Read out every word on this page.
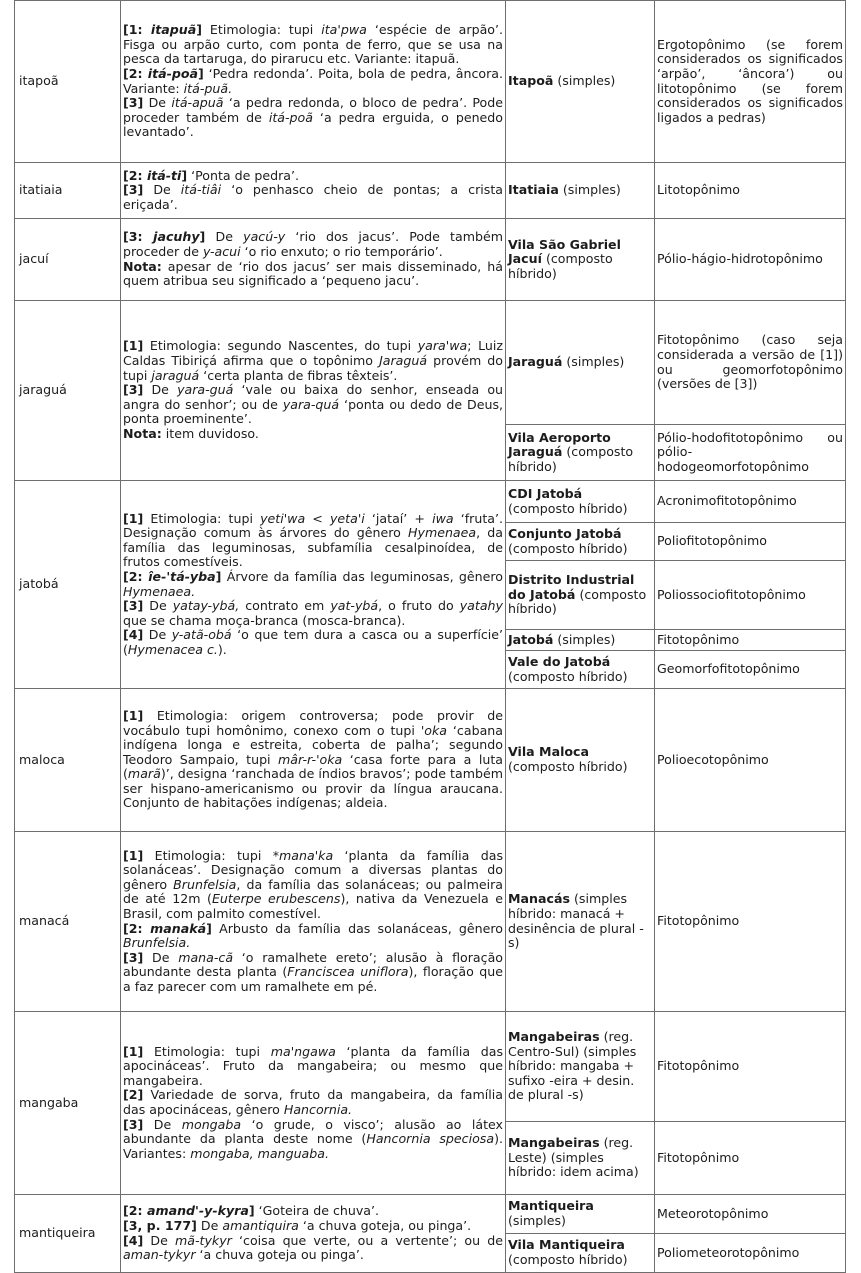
itapoã	[1: itapuã] Etimologia: tupi ita'pwa ‘espécie de arpão’. Fisga ou arpão curto, com ponta de ferro, que se usa na pesca da tartaruga, do pirarucu etc. Variante: itapuã.
[2: itá-poã] ‘Pedra redonda’. Poita, bola de pedra, âncora. Variante: itá-puã.
[3] De itá-apuã ‘a pedra redonda, o bloco de pedra’. Pode proceder também de itá-poã ‘a pedra erguida, o penedo levantado’.	Itapoã (simples)	Ergotopônimo (se forem considerados os significados ‘arpão’, ‘âncora’) ou litotopônimo (se forem considerados os significados ligados a pedras)
itatiaia	[2: itá-ti] ‘Ponta de pedra’.
[3] De itá-tiâi ‘o penhasco cheio de pontas; a crista eriçada’.	Itatiaia (simples)	Litotopônimo
jacuí	[3: jacuhy] De yacú-y ‘rio dos jacus’. Pode também proceder de y-acui ‘o rio enxuto; o rio temporário’.
Nota: apesar de ‘rio dos jacus’ ser mais disseminado, há quem atribua seu significado a ‘pequeno jacu’.	Vila São Gabriel Jacuí (composto híbrido)	Pólio-hágio-hidrotopônimo
jaraguá	[1] Etimologia: segundo Nascentes, do tupi yara'wa; Luiz Caldas Tibiriçá afirma que o topônimo Jaraguá provém do tupi jaraguá ‘certa planta de fibras têxteis’.
[3] De yara-guá ‘vale ou baixa do senhor, enseada ou angra do senhor’; ou de yara-quá ‘ponta ou dedo de Deus, ponta proeminente’.
Nota: item duvidoso.	Jaraguá (simples)	Fitotopônimo (caso seja considerada a versão de [1]) ou geomorfotopônimo (versões de [3])
		Vila Aeroporto Jaraguá (composto híbrido)	Pólio-hodofitotopônimo ou pólio-hodogeomorfotopônimo
jatobá	[1] Etimologia: tupi yeti'wa < yeta'i ‘jataí’ + iwa ‘fruta’. Designação comum às árvores do gênero Hymenaea, da família das leguminosas, subfamília cesalpinoídea, de frutos comestíveis.
[2: îe-'tá-yba] Árvore da família das leguminosas, gênero Hymenaea.
[3] De yatay-ybá, contrato em yat-ybá, o fruto do yatahy que se chama moça-branca (mosca-branca).
[4] De y-atã-obá ‘o que tem dura a casca ou a superfície’ (Hymenacea c.).	CDI Jatobá (composto híbrido)	Acronimofitotopônimo
		Conjunto Jatobá (composto híbrido)	Poliofitotopônimo
		Distrito Industrial do Jatobá (composto híbrido)	Poliossociofitotopônimo
		Jatobá (simples)	Fitotopônimo
		Vale do Jatobá (composto híbrido)	Geomorfofitotopônimo
maloca	[1] Etimologia: origem controversa; pode provir de vocábulo tupi homônimo, conexo com o tupi 'oka ‘cabana indígena longa e estreita, coberta de palha’; segundo Teodoro Sampaio, tupi mâr-r-'oka ‘casa forte para a luta (marã)’, designa ‘ranchada de índios bravos’; pode também ser hispano-americanismo ou provir da língua araucana. Conjunto de habitações indígenas; aldeia.	Vila Maloca (composto híbrido)	Polioecotopônimo
manacá	[1] Etimologia: tupi *mana'ka ‘planta da família das solanáceas’. Designação comum a diversas plantas do gênero Brunfelsia, da família das solanáceas; ou palmeira de até 12m (Euterpe erubescens), nativa da Venezuela e Brasil, com palmito comestível.
[2: manaká] Arbusto da família das solanáceas, gênero Brunfelsia.
[3] De mana-cã ‘o ramalhete ereto’; alusão à floração abundante desta planta (Franciscea uniflora), floração que a faz parecer com um ramalhete em pé.	Manacás (simples híbrido: manacá + desinência de plural -s)	Fitotopônimo
mangaba	[1] Etimologia: tupi ma'ngawa ‘planta da família das apocináceas’. Fruto da mangabeira; ou mesmo que mangabeira.
[2] Variedade de sorva, fruto da mangabeira, da família das apocináceas, gênero Hancornia.
[3] De mongaba ‘o grude, o visco’; alusão ao látex abundante da planta deste nome (Hancornia speciosa). Variantes: mongaba, manguaba.	Mangabeiras (reg. Centro-Sul) (simples híbrido: mangaba + sufixo -eira + desin. de plural -s)	Fitotopônimo
		Mangabeiras (reg. Leste) (simples híbrido: idem acima)	Fitotopônimo
mantiqueira	[2: amand'-y-kyra] ‘Goteira de chuva’.
[3, p. 177] De amantiquira ‘a chuva goteja, ou pinga’.
[4] De mã-tykyr ‘coisa que verte, ou a vertente’; ou de aman-tykyr ‘a chuva goteja ou pinga’.	Mantiqueira (simples)	Meteorotopônimo
		Vila Mantiqueira (composto híbrido)	Poliometeorotopônimo
